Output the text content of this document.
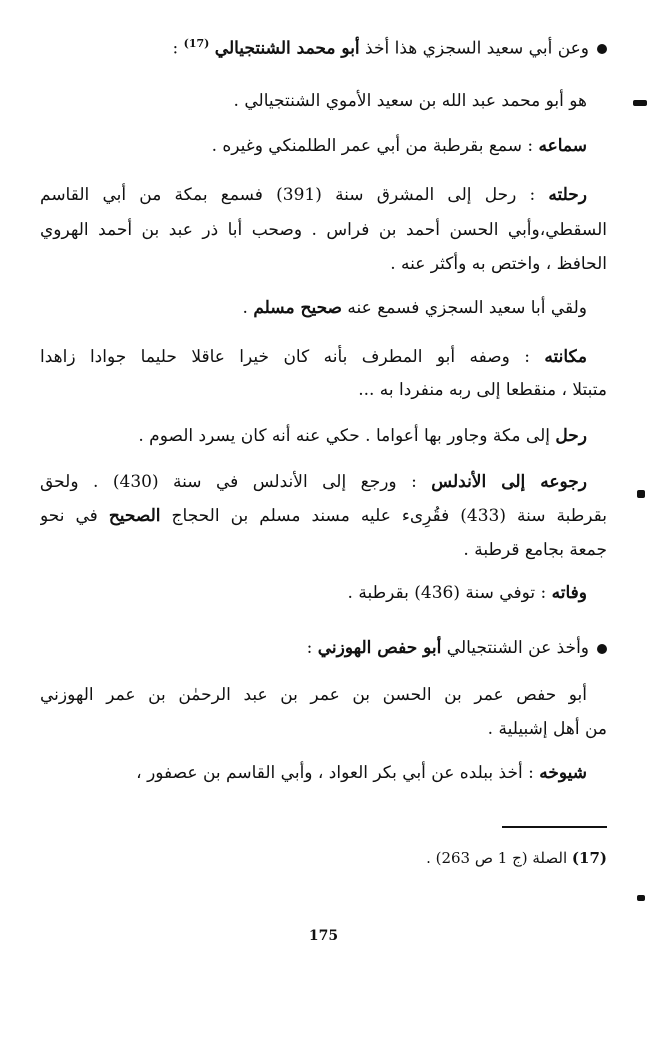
وعن أبي سعيد السجزي هذا أخذ أبو محمد الشنتجيالي $^{(17)}$ :
هو أبو محمد عبد الله بن سعيد الأموي الشنتجيالي .
سماعه : سمع بقرطبة من أبي عمر الطلمنكي وغيره .
رحلته : رحل إلى المشرق سنة (391) فسمع بمكة من أبي القاسم
السقطي،وأبي الحسن أحمد بن فراس . وصحب أبا ذر عبد بن أحمد الهروي
الحافظ ، واختص به وأكثر عنه .
ولقي أبا سعيد السجزي فسمع عنه صحيح مسلم .
مكانته : وصفه أبو المطرف بأنه كان خيرا عاقلا حليما جوادا زاهدا
متبتلا ، منقطعا إلى ربه منفردا به ...
رحل إلى مكة وجاور بها أعواما . حكي عنه أنه كان يسرد الصوم .
رجوعه إلى الأندلس : ورجع إلى الأندلس في سنة (430) . ولحق
بقرطبة سنة (433) فقُرِىء عليه مسند مسلم بن الحجاج الصحيح في نحو
جمعة بجامع قرطبة .
وفاته : توفي سنة (436) بقرطبة .
وأخذ عن الشنتجيالي أبو حفص الهوزني :
أبو حفص عمر بن الحسن بن عمر بن عبد الرحمٰن بن عمر الهوزني
من أهل إشبيلية .
شيوخه : أخذ ببلده عن أبي بكر العواد ، وأبي القاسم بن عصفور ،
(17) الصلة (ج 1 ص 263) .
175
